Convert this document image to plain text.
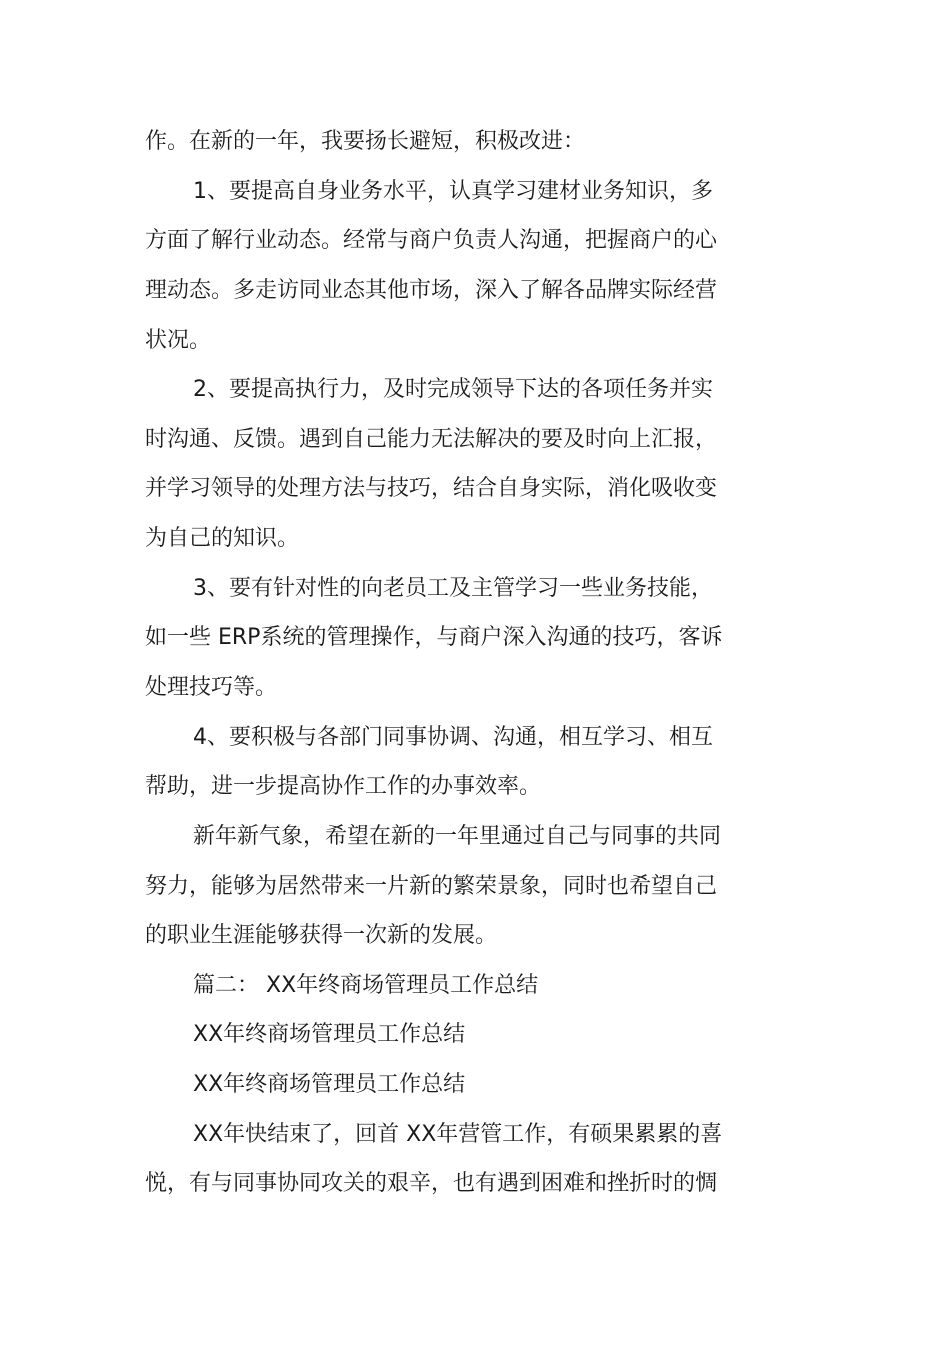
作。在新的一年，我要扬长避短，积极改进：
1、要提高自身业务水平，认真学习建材业务知识，多
方面了解行业动态。经常与商户负责人沟通，把握商户的心
理动态。多走访同业态其他市场，深入了解各品牌实际经营
状况。
2、要提高执行力，及时完成领导下达的各项任务并实
时沟通、反馈。遇到自己能力无法解决的要及时向上汇报，
并学习领导的处理方法与技巧，结合自身实际，消化吸收变
为自己的知识。
3、要有针对性的向老员工及主管学习一些业务技能，
如一些 ERP系统的管理操作，与商户深入沟通的技巧，客诉
处理技巧等。
4、要积极与各部门同事协调、沟通，相互学习、相互
帮助，进一步提高协作工作的办事效率。
新年新气象，希望在新的一年里通过自己与同事的共同
努力，能够为居然带来一片新的繁荣景象，同时也希望自己
的职业生涯能够获得一次新的发展。
篇二： XX年终商场管理员工作总结
XX年终商场管理员工作总结
XX年终商场管理员工作总结
XX年快结束了，回首 XX年营管工作，有硕果累累的喜
悦，有与同事协同攻关的艰辛，也有遇到困难和挫折时的惆
